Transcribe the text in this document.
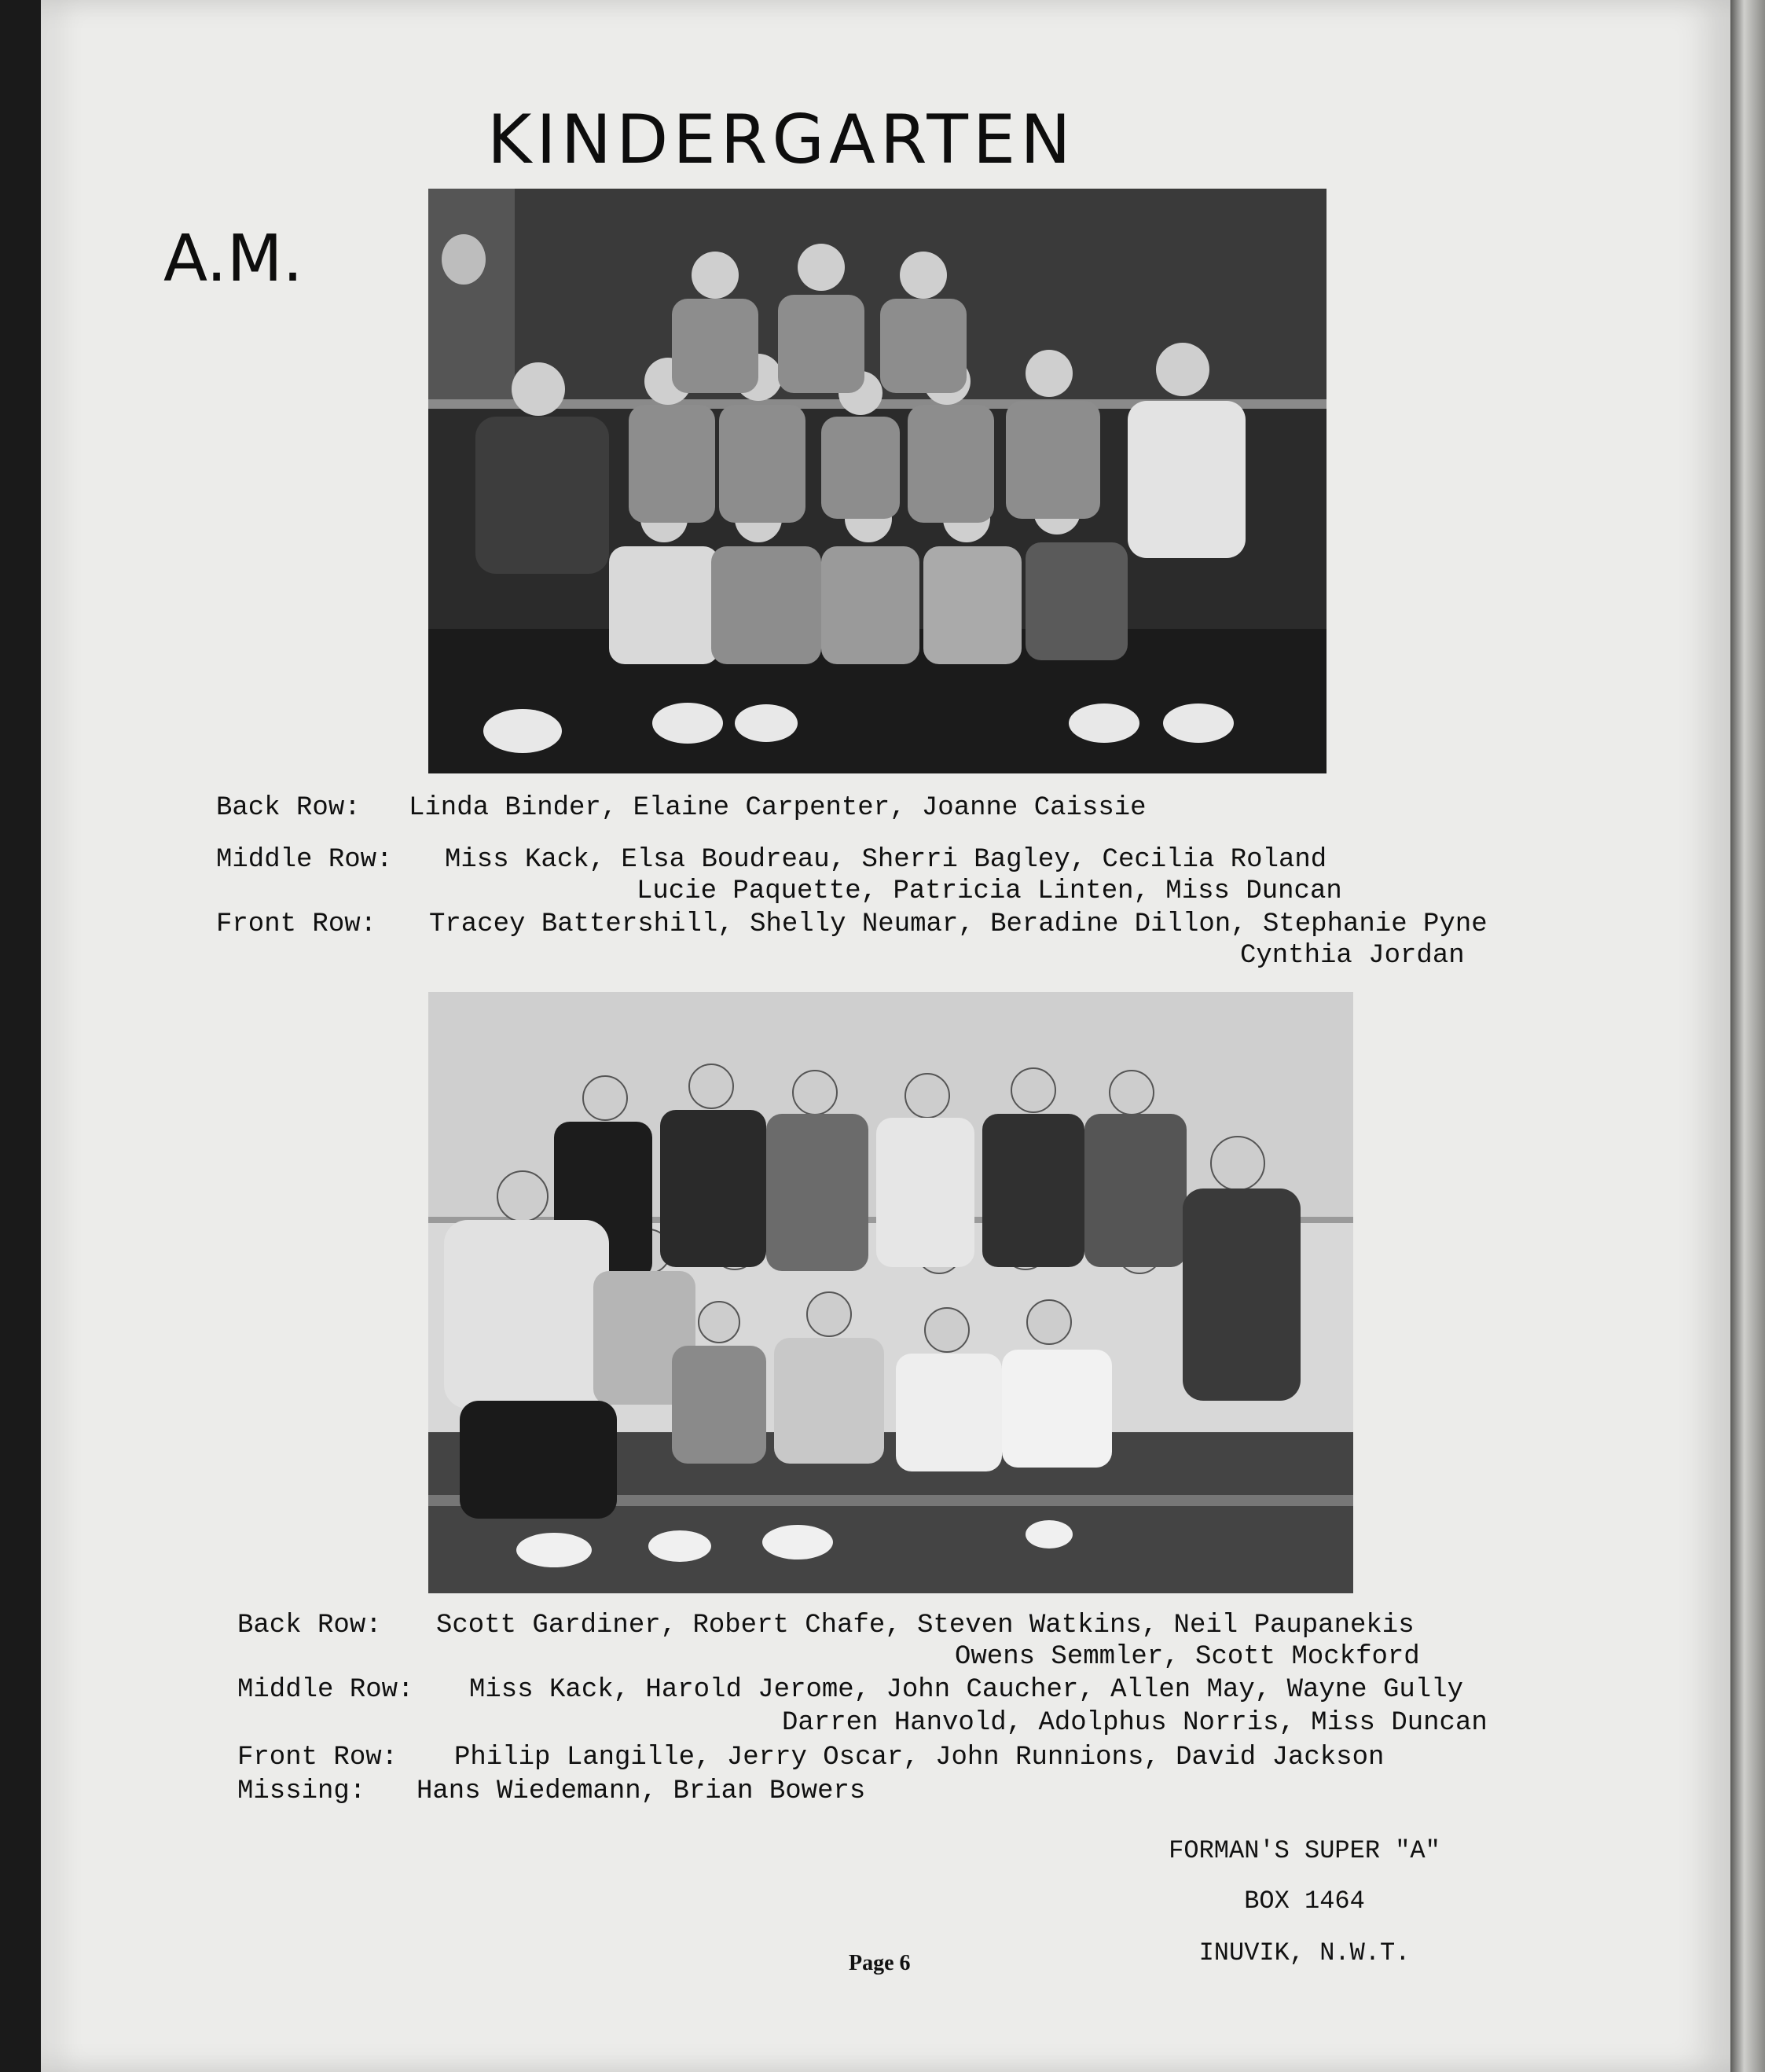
KINDERGARTEN
A.M.
Back Row: Linda Binder, Elaine Carpenter, Joanne Caissie
Middle Row: Miss Kack, Elsa Boudreau, Sherri Bagley, Cecilia Roland
Lucie Paquette, Patricia Linten, Miss Duncan
Front Row: Tracey Battershill, Shelly Neumar, Beradine Dillon, Stephanie Pyne
Cynthia Jordan
Back Row: Scott Gardiner, Robert Chafe, Steven Watkins, Neil Paupanekis
Owens Semmler, Scott Mockford
Middle Row: Miss Kack, Harold Jerome, John Caucher, Allen May, Wayne Gully
Darren Hanvold, Adolphus Norris, Miss Duncan
Front Row: Philip Langille, Jerry Oscar, John Runnions, David Jackson
Missing: Hans Wiedemann, Brian Bowers
FORMAN'S SUPER "A"
BOX 1464
INUVIK, N.W.T.
Page 6
